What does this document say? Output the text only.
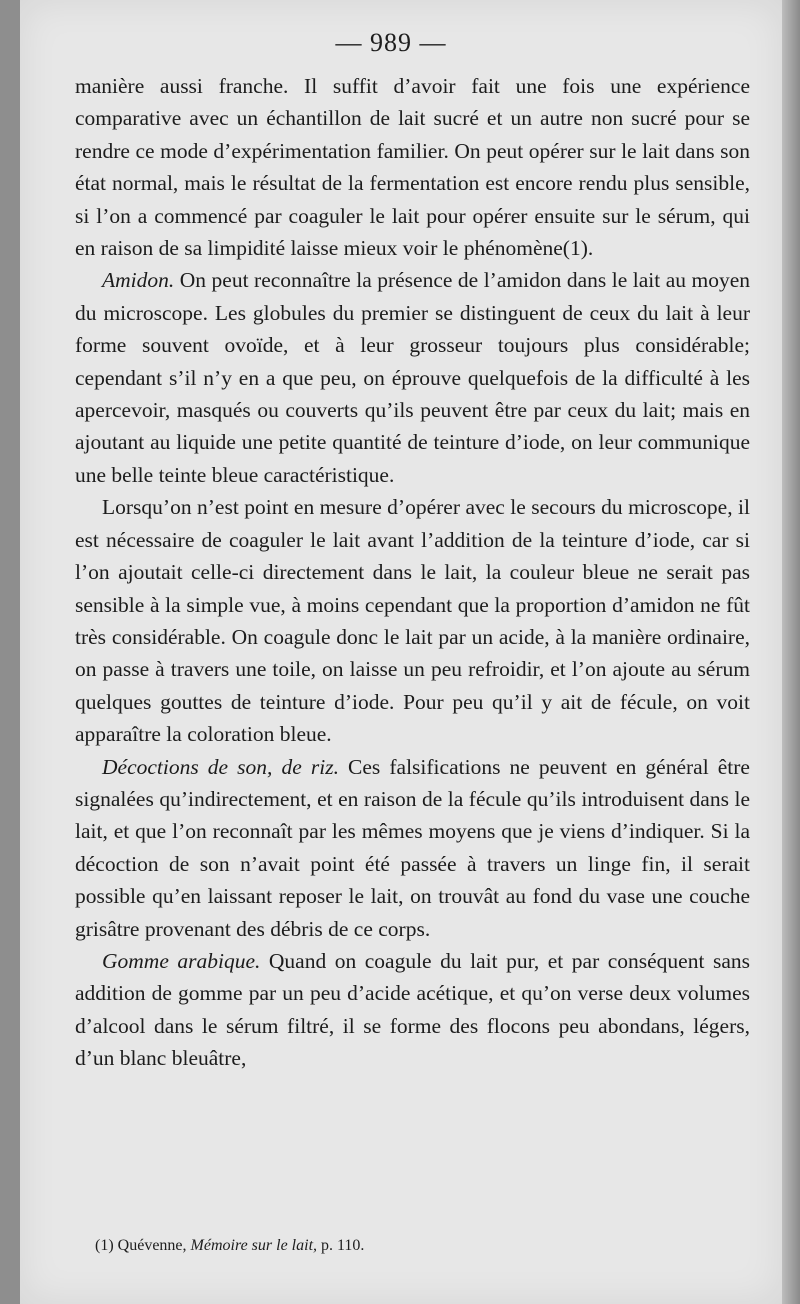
— 989 —

manière aussi franche. Il suffit d’avoir fait une fois une expérience comparative avec un échantillon de lait sucré et un autre non sucré pour se rendre ce mode d’expérimentation familier. On peut opérer sur le lait dans son état normal, mais le résultat de la fermentation est encore rendu plus sensible, si l’on a commencé par coaguler le lait pour opérer ensuite sur le sérum, qui en raison de sa limpidité laisse mieux voir le phénomène(1).

Amidon. On peut reconnaître la présence de l’amidon dans le lait au moyen du microscope. Les globules du premier se distinguent de ceux du lait à leur forme souvent ovoïde, et à leur grosseur toujours plus considérable; cependant s’il n’y en a que peu, on éprouve quelquefois de la difficulté à les apercevoir, masqués ou couverts qu’ils peuvent être par ceux du lait; mais en ajoutant au liquide une petite quantité de teinture d’iode, on leur communique une belle teinte bleue caractéristique.

Lorsqu’on n’est point en mesure d’opérer avec le secours du microscope, il est nécessaire de coaguler le lait avant l’addition de la teinture d’iode, car si l’on ajoutait celle-ci directement dans le lait, la couleur bleue ne serait pas sensible à la simple vue, à moins cependant que la proportion d’amidon ne fût très considérable. On coagule donc le lait par un acide, à la manière ordinaire, on passe à travers une toile, on laisse un peu refroidir, et l’on ajoute au sérum quelques gouttes de teinture d’iode. Pour peu qu’il y ait de fécule, on voit apparaître la coloration bleue.

Décoctions de son, de riz. Ces falsifications ne peuvent en général être signalées qu’indirectement, et en raison de la fécule qu’ils introduisent dans le lait, et que l’on reconnaît par les mêmes moyens que je viens d’indiquer. Si la décoction de son n’avait point été passée à travers un linge fin, il serait possible qu’en laissant reposer le lait, on trouvât au fond du vase une couche grisâtre provenant des débris de ce corps.

Gomme arabique. Quand on coagule du lait pur, et par conséquent sans addition de gomme par un peu d’acide acétique, et qu’on verse deux volumes d’alcool dans le sérum filtré, il se forme des flocons peu abondans, légers, d’un blanc bleuâtre,

(1) Quévenne, Mémoire sur le lait, p. 110.
